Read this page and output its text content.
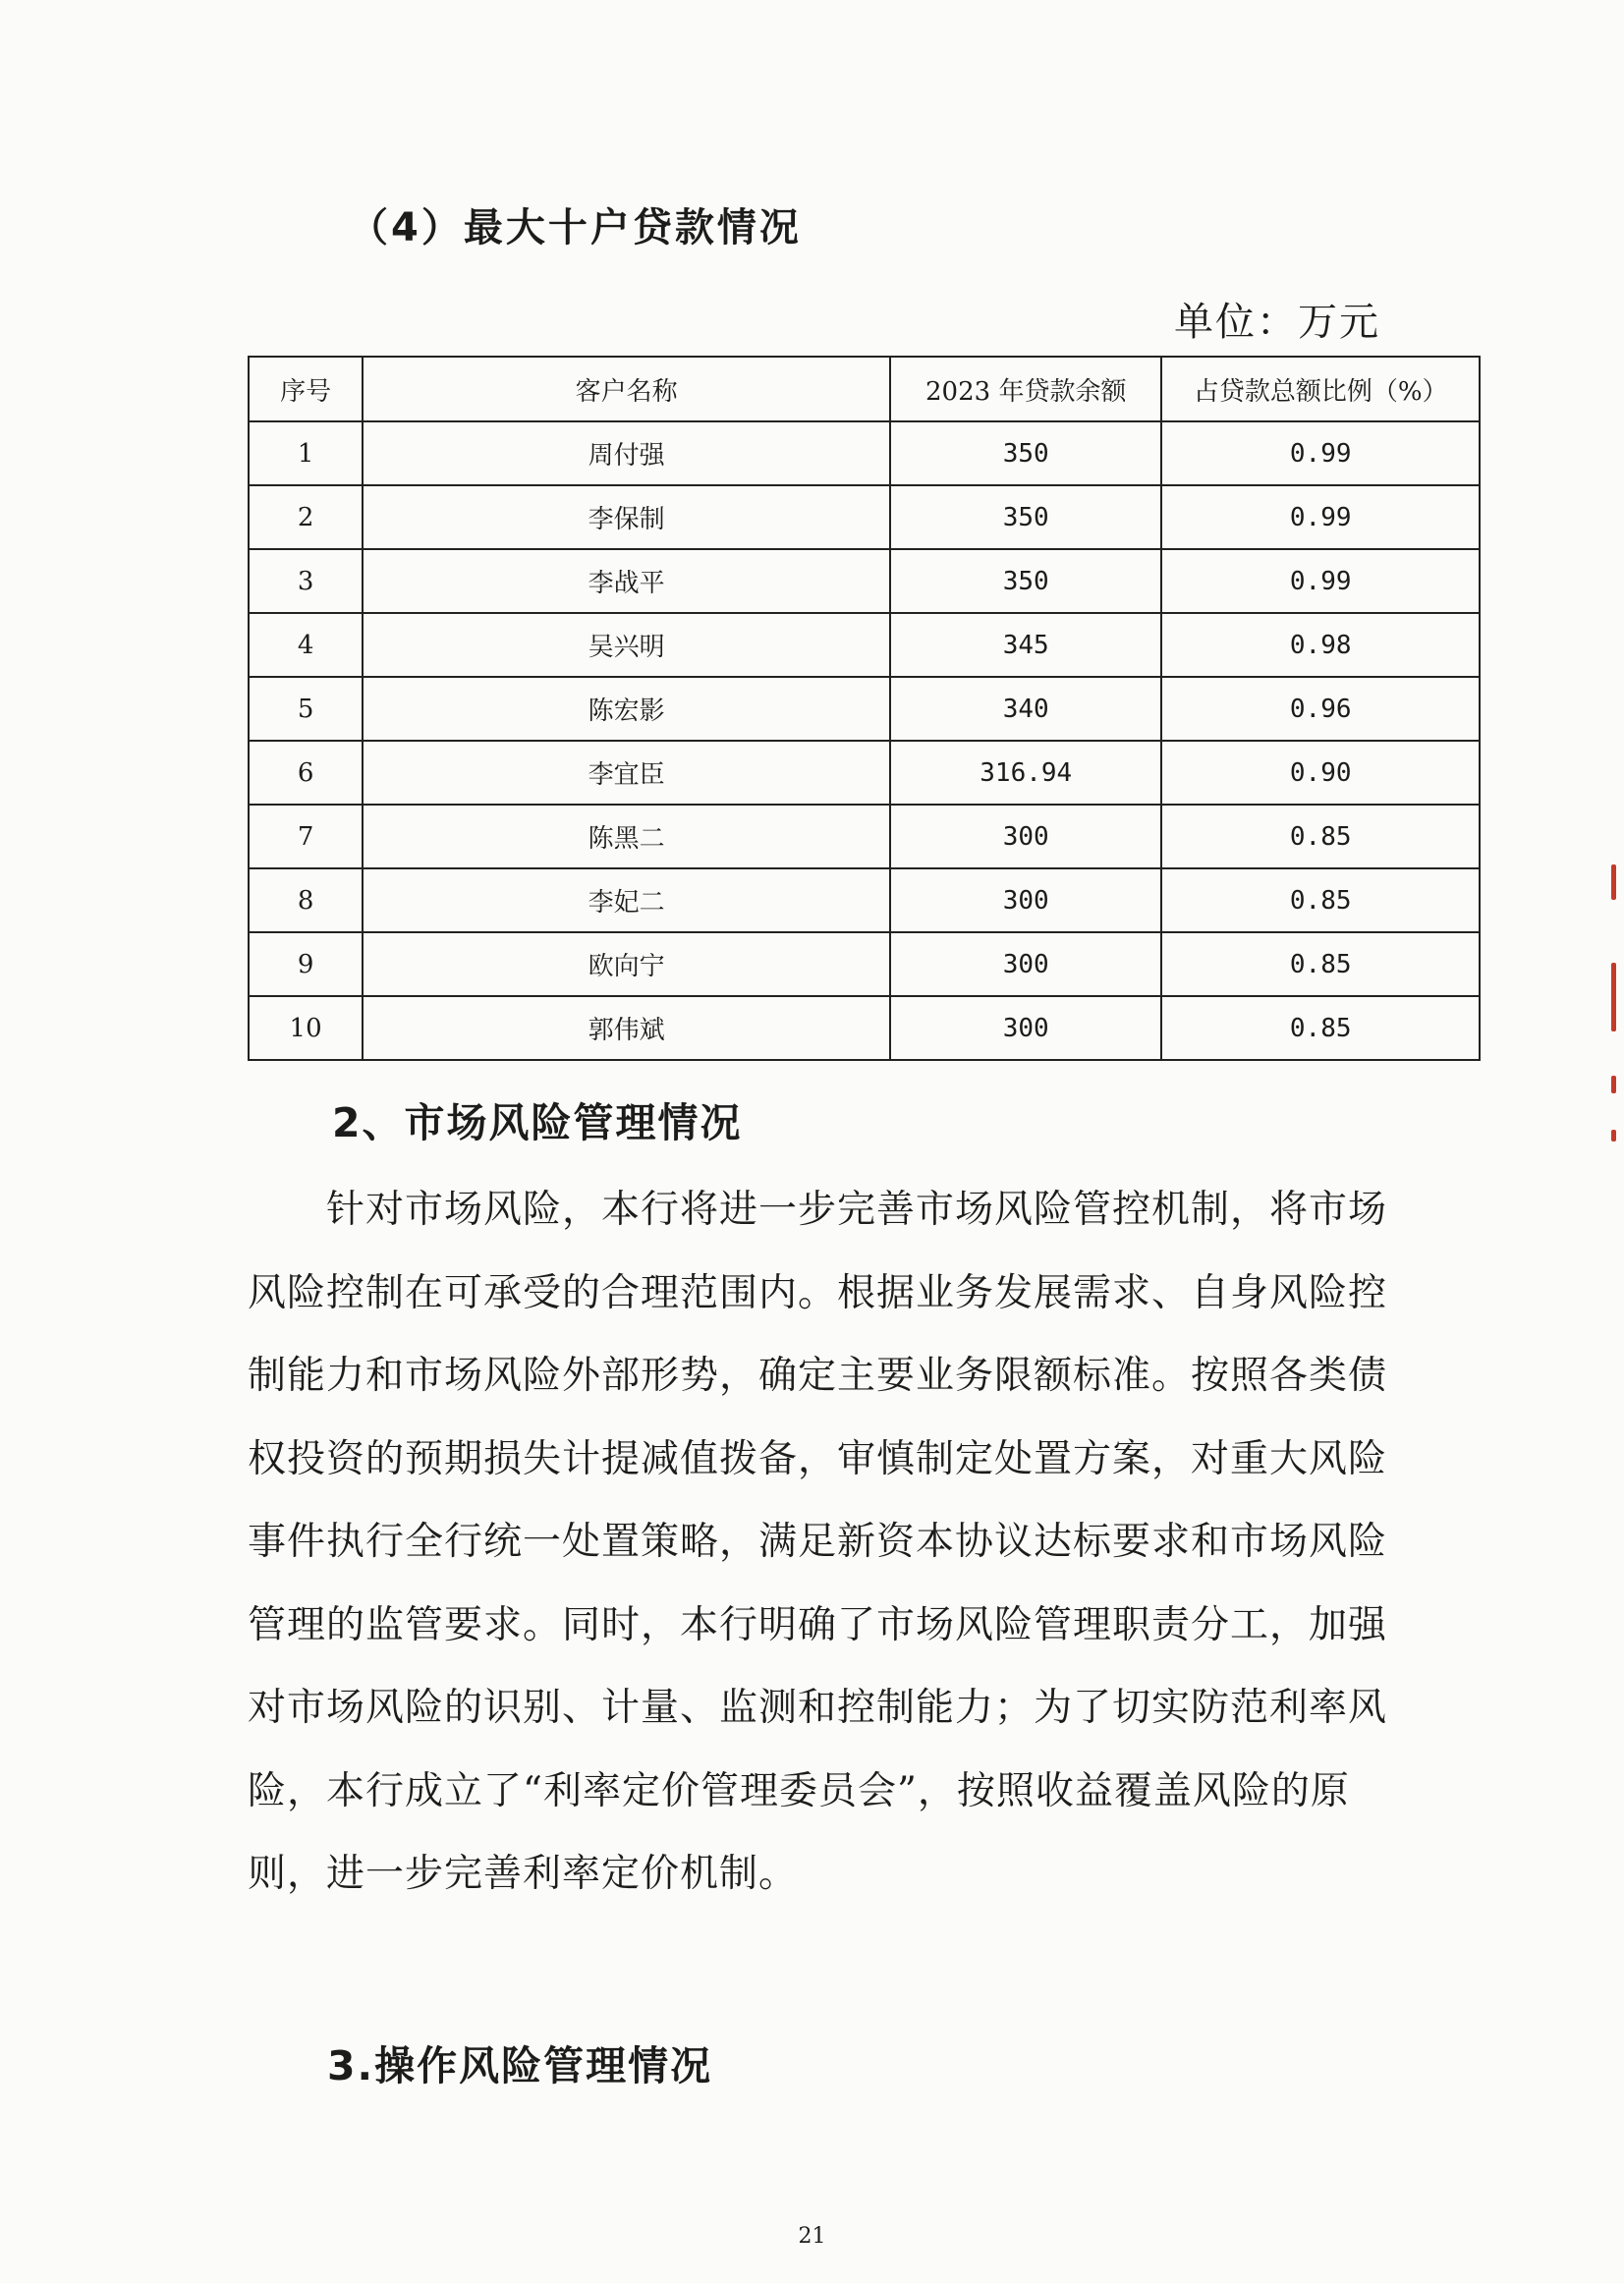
（4）最大十户贷款情况
单位：万元
序号	客户名称	2023 年贷款余额	占贷款总额比例（%）
1	周付强	350	0.99
2	李保制	350	0.99
3	李战平	350	0.99
4	吴兴明	345	0.98
5	陈宏影	340	0.96
6	李宜臣	316.94	0.90
7	陈黑二	300	0.85
8	李妃二	300	0.85
9	欧向宁	300	0.85
10	郭伟斌	300	0.85
2、市场风险管理情况

针对市场风险，本行将进一步完善市场风险管控机制，将市场风险控制在可承受的合理范围内。根据业务发展需求、自身风险控制能力和市场风险外部形势，确定主要业务限额标准。按照各类债权投资的预期损失计提减值拨备，审慎制定处置方案，对重大风险事件执行全行统一处置策略，满足新资本协议达标要求和市场风险管理的监管要求。同时，本行明确了市场风险管理职责分工，加强对市场风险的识别、计量、监测和控制能力；为了切实防范利率风险，本行成立了“利率定价管理委员会”，按照收益覆盖风险的原则，进一步完善利率定价机制。

3.操作风险管理情况
21
